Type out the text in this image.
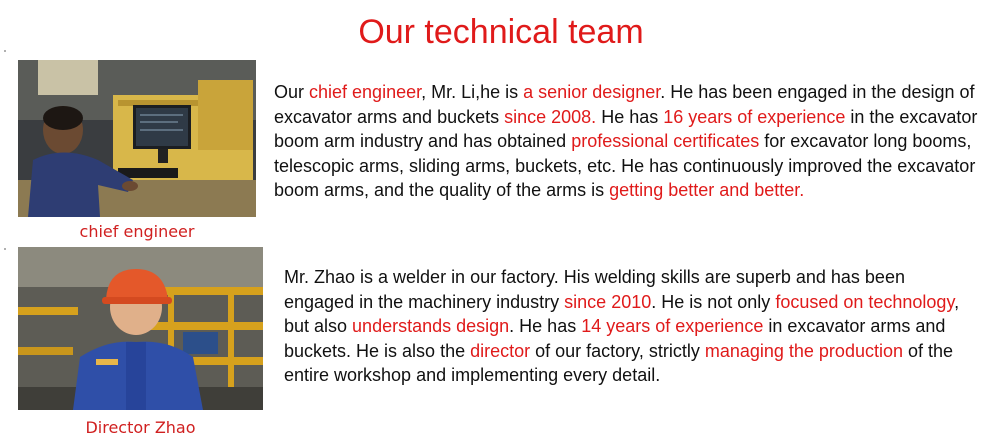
Our technical team
chief engineer
Our chief engineer, Mr. Li,he is a senior designer. He has been engaged in the design of excavator arms and buckets since 2008. He has 16 years of experience in the excavator boom arm industry and has obtained professional certificates for excavator long booms, telescopic arms, sliding arms, buckets, etc. He has continuously improved the excavator boom arms, and the quality of the arms is getting better and better.
Director Zhao
Mr. Zhao is a welder in our factory. His welding skills are superb and has been engaged in the machinery industry since 2010. He is not only focused on technology, but also understands design. He has 14 years of experience in excavator arms and buckets. He is also the director of our factory, strictly managing the production of the entire workshop and implementing every detail.
